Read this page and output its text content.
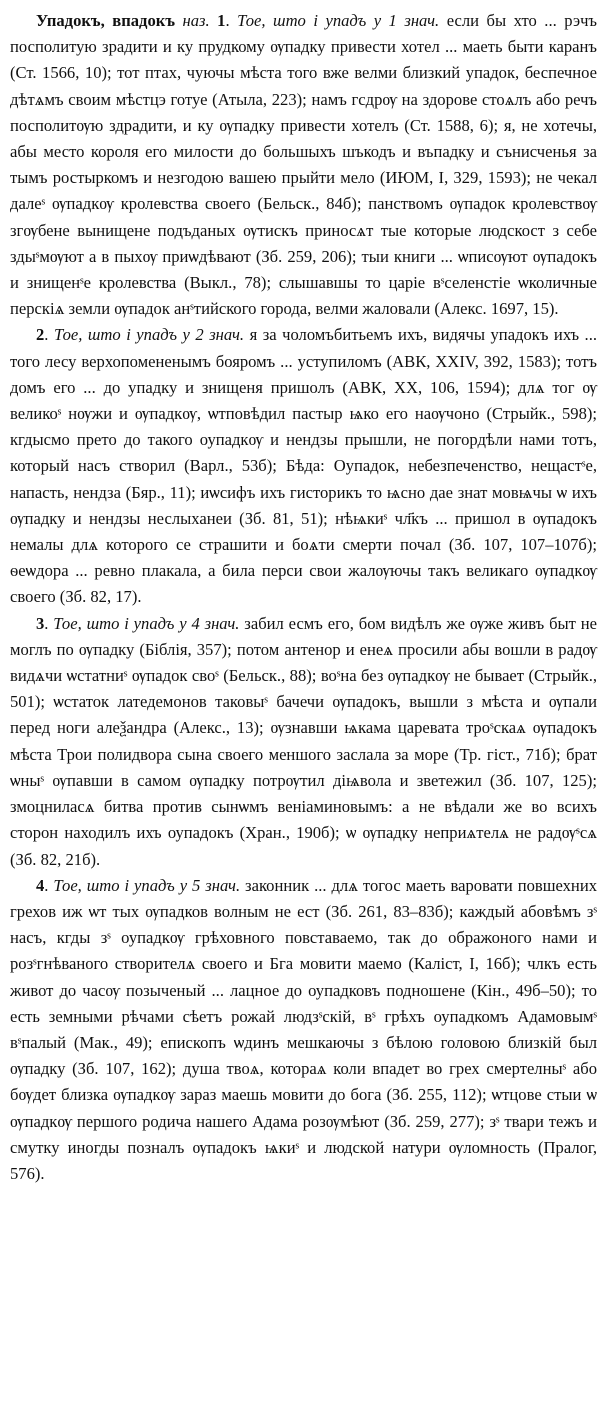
Упадокъ, впадокъ наз. 1. Тое, што і упадъ у 1 знач. если бы хто ... рэчъ посполитую зрадити и ку прудкому ѹпадку привести хотел ... маеть быти каранъ (Ст. 1566, 10); тот птах, чуючы мѣста того вже велми близкий упадок, беспечное дѣтѧмъ своим мѣстцэ готуе (Атыла, 223); намъ гсдрѹ на здорове стоѧлъ або речъ посполитѹю здрадити, и ку ѹпадку привести хотелъ (Ст. 1588, 6); я, не хотечы, абы место короля его милости до большыхъ шъкодъ и въпадку и сънисченья за тымъ ростыркомъ и незгодою вашею прыйти мело (ИЮМ, І, 329, 1593); не чекал далеˢ ѹпадкѹ кролевства своего (Бельск., 84б); панствомъ ѹпадок кролевствѹ згѹбене вынищене подъданых ѹтискъ приносѧт тые которые людскост з себе здыˢмѹют а в пыхѹ приѡдѣвают (Зб. 259, 206); тыи книги ... ѡписѹют ѹпадокъ и знищенˢе кролевства (Выкл., 78); слышавшы то царіе вˢселенстіе ѡколичные перскіѧ земли ѹпадок анˢтийского города, велми жаловали (Алекс. 1697, 15).

2. Тое, што і упадъ у 2 знач. я за чоломъбитьемъ ихъ, видячы упадокъ ихъ ... того лесу верхопомененымъ бояромъ ... уступиломъ (АВК, XXIV, 392, 1583); тотъ домъ его ... до упадку и знищеня пришолъ (АВК, XX, 106, 1594); длѧ тог ѹ великоˢ нѹжи и ѹпадкѹ, ѡтповѣдил пастыр ѩко его наѹчоно (Стрыйк., 598); кгдысмо прето до такого оупадкѹ и нендзы прышли, не погордѣли нами тотъ, который насъ створил (Варл., 53б); Бѣда: Оупадок, небезпеченство, нещастˢе, напасть, нендза (Бяр., 11); иѡсифъ ихъ гисторикъ то ѩсно дае знат мовѩчы ѡ ихъ ѹпадку и нендзы неслыханеи (Зб. 81, 51); нѣѩкиˢ чл҃къ ... пришол в ѹпадокъ немалы длѧ которого се страшити и боѧти смерти почал (Зб. 107, 107–107б); ѳеѡдора ... ревно плакала, а била перси свои жалѹючы такъ великаго ѹпадкѹ своего (Зб. 82, 17).

3. Тое, што і упадъ у 4 знач. забил есмъ его, бом видѣлъ же ѹже живъ быт не моглъ по ѹпадку (Біблія, 357); потом антенор и енеѧ просили абы вошли в радѹ видѧчи ѡстатниˢ ѹпадок своˢ (Бельск., 88); воˢна без ѹпадкѹ не бывает (Стрыйк., 501); ѡстаток латедемонов таковыˢ бачечи ѹпадокъ, вышли з мѣста и ѹпали перед ноги алеѯандра (Алекс., 13); ѹзнавши ѩкама царевата троˢскаѧ ѹпадокъ мѣста Трои полидвора сына своего меншого заслала за море (Тр. гіст., 71б); брат ѡныˢ ѹпавши в самом ѹпадку потрѹтил діѩвола и зветежил (Зб. 107, 125); змоцниласѧ битва против сынѡмъ веніаминовымъ: а не вѣдали же во всихъ сторон находилъ ихъ оупадокъ (Хран., 190б); ѡ ѹпадку неприѧтелѧ не радѹˢсѧ (Зб. 82, 21б).

4. Тое, што і упадъ у 5 знач. законник ... длѧ тогос маеть варовати повшехних грехов иж ѡт тых ѹпадков волным не ест (Зб. 261, 83–83б); каждый абовѣмъ зˢ насъ, кгды зˢ оупадкѹ грѣховного повставаемо, так до ображоного нами и розˢгнѣваного створителѧ своего и Бга мовити маемо (Каліст, І, 16б); члкъ есть живот до часѹ позыченый ... лацное до оупадковъ подношене (Кін., 49б–50); то есть земными рѣчами сѣетъ рожай людзˢскій, вˢ грѣхъ оупадкомъ Адамовымˢ вˢпалый (Мак., 49); епископъ ѡдинъ мешкаючы з бѣлою головою близкій был ѹпадку (Зб. 107, 162); душа твоѧ, котораѧ коли впадет во грех смертелныˢ або бѹдет близка ѹпадкѹ зараз маешь мовити до бога (Зб. 255, 112); ѡтцове стыи ѡ ѹпадкѹ першого родича нашего Адама розѹмѣют (Зб. 259, 277); зˢ твари тежъ и смутку иногды позналъ ѹпадокъ ѩкиˢ и людской натури ѹломность (Пралог, 576).
